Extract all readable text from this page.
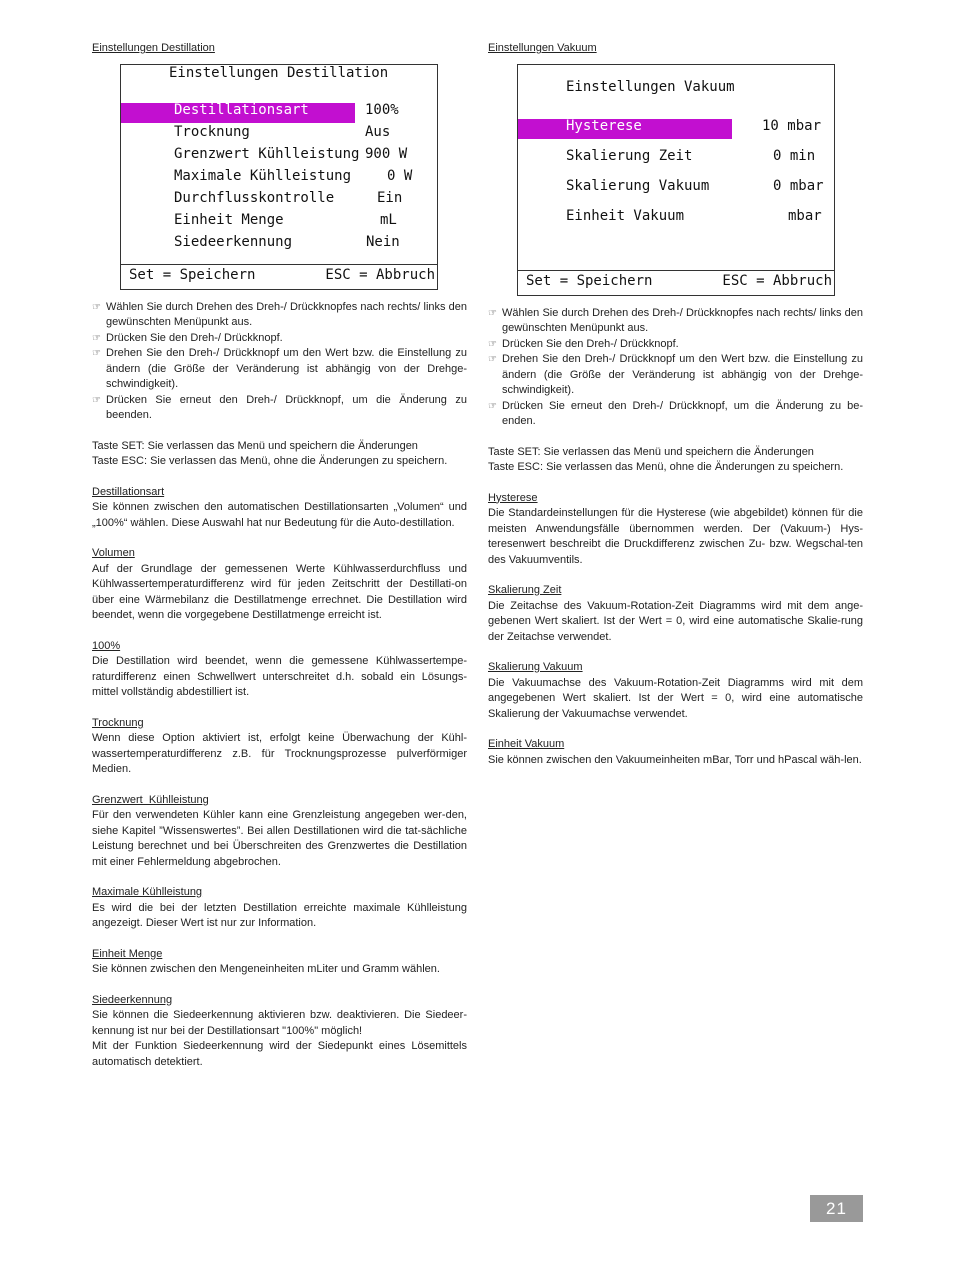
Einstellungen Destillation

Einstellungen Destillation
Destillationsart	100%
Trocknung	Aus
Grenzwert Kühlleistung 900 W
Maximale Kühlleistung	0 W
Durchflusskontrolle	Ein
Einheit Menge	mL
Siedeerkennung	Nein
Set = Speichern	ESC = Abbruch
☞ Wählen Sie durch Drehen des Dreh-/ Drückknopfes nach rechts/ links den gewünschten Menüpunkt aus.
☞ Drücken Sie den Dreh-/ Drückknopf.
☞ Drehen Sie den Dreh-/ Drückknopf um den Wert bzw. die Einstellung zu ändern (die Größe der Veränderung ist abhängig von der Drehge-schwindigkeit).
☞ Drücken Sie erneut den Dreh-/ Drückknopf, um die Änderung zu beenden.

Taste SET: Sie verlassen das Menü und speichern die Änderungen

Taste ESC: Sie verlassen das Menü, ohne die Änderungen zu speichern.

Destillationsart

Sie können zwischen den automatischen Destillationsarten „Volumen“ und „100%“ wählen. Diese Auswahl hat nur Bedeutung für die Auto-destillation.

Volumen

Auf der Grundlage der gemessenen Werte Kühlwasserdurchfluss und Kühlwassertemperaturdifferenz wird für jeden Zeitschritt der Destillati-on über eine Wärmebilanz die Destillatmenge errechnet. Die Destillation wird beendet, wenn die vorgegebene Destillatmenge erreicht ist.

100%

Die Destillation wird beendet, wenn die gemessene Kühlwassertempe-raturdifferenz einen Schwellwert unterschreitet d.h. sobald ein Lösungs-mittel vollständig abdestilliert ist.

Trocknung

Wenn diese Option aktiviert ist, erfolgt keine Überwachung der Kühl-wassertemperaturdifferenz z.B. für Trocknungsprozesse pulverförmiger Medien.

Grenzwert  Kühlleistung

Für den verwendeten Kühler kann eine Grenzleistung angegeben wer-den, siehe Kapitel ”Wissenswertes”. Bei allen Destillationen wird die tat-sächliche Leistung berechnet und bei Überschreiten des Grenzwertes die Destillation mit einer Fehlermeldung abgebrochen.

Maximale Kühlleistung

Es wird die bei der letzten Destillation erreichte maximale Kühlleistung angezeigt. Dieser Wert ist nur zur Information.

Einheit Menge

Sie können zwischen den Mengeneinheiten mLiter und Gramm wählen.

Siedeerkennung

Sie können die Siedeerkennung aktivieren bzw. deaktivieren. Die Siedeer-kennung ist nur bei der Destillationsart "100%" möglich!

Mit der Funktion Siedeerkennung wird der Siedepunkt eines Lösemittels automatisch detektiert.

Einstellungen Vakuum

Einstellungen Vakuum
Hysterese	10 mbar
Skalierung Zeit	0 min
Skalierung Vakuum	0 mbar
Einheit Vakuum	mbar
Set = Speichern	ESC = Abbruch
☞ Wählen Sie durch Drehen des Dreh-/ Drückknopfes nach rechts/ links den gewünschten Menüpunkt aus.
☞ Drücken Sie den Dreh-/ Drückknopf.
☞ Drehen Sie den Dreh-/ Drückknopf um den Wert bzw. die Einstellung zu ändern (die Größe der Veränderung ist abhängig von der Drehge-schwindigkeit).
☞ Drücken Sie erneut den Dreh-/ Drückknopf, um die Änderung zu be-enden.

Taste SET: Sie verlassen das Menü und speichern die Änderungen

Taste ESC: Sie verlassen das Menü, ohne die Änderungen zu speichern.

Hysterese

Die Standardeinstellungen für die Hysterese (wie abgebildet) können für die meisten Anwendungsfälle übernommen werden. Der (Vakuum-) Hys-teresenwert beschreibt die Druckdifferenz zwischen Zu- bzw. Wegschal-ten des Vakuumventils.

Skalierung Zeit

Die Zeitachse des Vakuum-Rotation-Zeit Diagramms wird mit dem ange-gebenen Wert skaliert. Ist der Wert = 0, wird eine automatische Skalie-rung der Zeitachse verwendet.

Skalierung Vakuum

Die Vakuumachse des Vakuum-Rotation-Zeit Diagramms wird mit dem angegebenen Wert skaliert. Ist der Wert = 0, wird eine automatische Skalierung der Vakuumachse verwendet.

Einheit Vakuum

Sie können zwischen den Vakuumeinheiten mBar, Torr und hPascal wäh-len.

21
